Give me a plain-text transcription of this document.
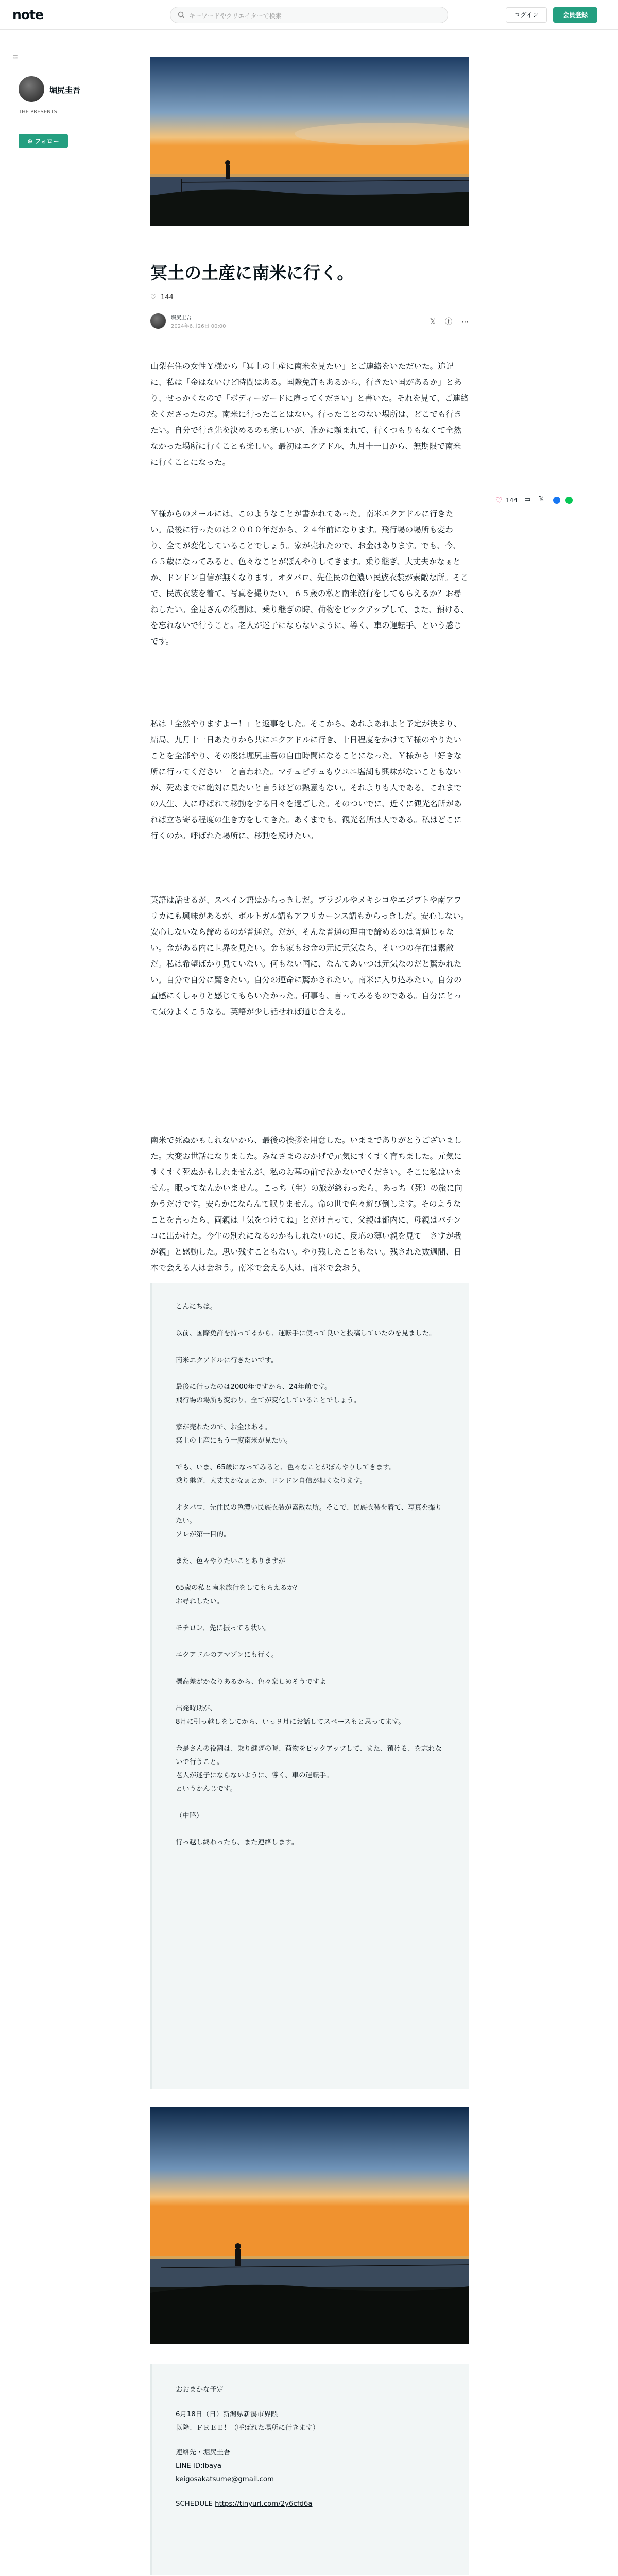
note	キーワードやクリエイターで検索	ログイン	会員登録
☲
堀尻圭吾
THE PRESENTS
⊕ フォロー
冥土の土産に南米に行く。
♡ 144
堀尻圭吾
2024年6月26日 00:00
𝕏 ⓕ ⋯

山梨在住の女性Ｙ様から「冥土の土産に南米を見たい」とご連絡をいただいた。追記に、私は「金はないけど時間はある。国際免許もあるから、行きたい国があるか」とあり、せっかくなので「ボディーガードに雇ってください」と書いた。それを見て、ご連絡をくださったのだ。南米に行ったことはない。行ったことのない場所は、どこでも行きたい。自分で行き先を決めるのも楽しいが、誰かに頼まれて、行くつもりもなくて全然なかった場所に行くことも楽しい。最初はエクアドル、九月十一日から、無期限で南米に行くことになった。

Ｙ様からのメールには、このようなことが書かれてあった。南米エクアドルに行きたい。最後に行ったのは２０００年だから、２４年前になります。飛行場の場所も変わり、全てが変化していることでしょう。家が売れたので、お金はあります。でも、今、６５歳になってみると、色々なことがぼんやりしてきます。乗り継ぎ、大丈夫かなぁとか、ドンドン自信が無くなります。オタバロ、先住民の色濃い民族衣装が素敵な所。そこで、民族衣装を着て、写真を撮りたい。６５歳の私と南米旅行をしてもらえるか？お尋ねしたい。金是さんの役割は、乗り継ぎの時、荷物をピックアップして、また、預ける、を忘れないで行うこと。老人が迷子にならないように、導く、車の運転手、という感じです。

私は「全然やりますよー！」と返事をした。そこから、あれよあれよと予定が決まり、結局、九月十一日あたりから共にエクアドルに行き、十日程度をかけてＹ様のやりたいことを全部やり、その後は堀尻圭吾の自由時間になることになった。Ｙ様から「好きな所に行ってください」と言われた。マチュピチュもウユニ塩湖も興味がないこともないが、死ぬまでに絶対に見たいと言うほどの熱意もない。それよりも人である。これまでの人生、人に呼ばれて移動をする日々を過ごした。そのついでに、近くに観光名所があれば立ち寄る程度の生き方をしてきた。あくまでも、観光名所は人である。私はどこに行くのか。呼ばれた場所に、移動を続けたい。

英語は話せるが、スペイン語はからっきしだ。ブラジルやメキシコやエジプトや南アフリカにも興味があるが、ポルトガル語もアフリカーンス語もからっきしだ。安心しない。安心しないなら諦めるのが普通だ。だが、そんな普通の理由で諦めるのは普通じゃない。金がある内に世界を見たい。金も家もお金の元に元気なら、そいつの存在は素敵だ。私は希望ばかり見ていない。何もない国に、なんてあいつは元気なのだと驚かれたい。自分で自分に驚きたい。自分の運命に驚かされたい。南米に入り込みたい。自分の直感にくしゃりと感じてもらいたかった。何事も、言ってみるものである。自分にとって気分よくこうなる。英語が少し話せれば通じ合える。

南米で死ぬかもしれないから、最後の挨拶を用意した。いままでありがとうございました。大変お世話になりました。みなさまのおかげで元気にすくすく育ちました。元気にすくすく死ぬかもしれませんが、私のお墓の前で泣かないでください。そこに私はいません。眠ってなんかいません。こっち（生）の旅が終わったら、あっち（死）の旅に向かうだけです。安らかにならんて眠りません。命の世で色々遊び倒します。そのようなことを言ったら、両親は「気をつけてね」とだけ言って、父親は都内に、母親はパチンコに出かけた。今生の別れになるのかもしれないのに、反応の薄い親を見て「さすが我が親」と感動した。思い残すこともない。やり残したこともない。残された数週間、日本で会える人は会おう。南米で会える人は、南米で会おう。

♡ 144 ▭ 𝕏

こんにちは。

以前、国際免許を持ってるから、運転手に使って良いと投稿していたのを見ました。

南米エクアドルに行きたいです。

最後に行ったのは2000年ですから、24年前です。
飛行場の場所も変わり、全てが変化していることでしょう。

家が売れたので、お金はある。
冥土の土産にもう一度南米が見たい。

でも、いま、65歳になってみると、色々なことがぼんやりしてきます。
乗り継ぎ、大丈夫かなぁとか、ドンドン自信が無くなります。

オタバロ、先住民の色濃い民族衣装が素敵な所。そこで、民族衣装を着て、写真を撮りたい。
ソレが第一目的。

また、色々やりたいことありますが

65歳の私と南米旅行をしてもらえるか？
お尋ねしたい。

モチロン、先に振ってる状い。

エクアドルのアマゾンにも行く。

標高差がかなりあるから、色々楽しめそうですよ

出発時期が、
8月に引っ越しをしてから、いっ９月にお話してスペースもと思ってます。

金是さんの役割は、乗り継ぎの時、荷物をピックアップして、また、預ける、を忘れないで行うこと。
老人が迷子にならないように、導く、車の運転手。
というかんじです。

（中略）

行っ越し終わったら、また連絡します。

おおまかな予定

6月18日（日）新潟県新潟市界隈
以降、ＦＲＥＥ！（呼ばれた場所に行きます）

連絡先・堀尻圭吾
LINE ID:Ibaya
keigosakatsume@gmail.com

SCHEDULE https://tinyurl.com/2y6cfd6a
